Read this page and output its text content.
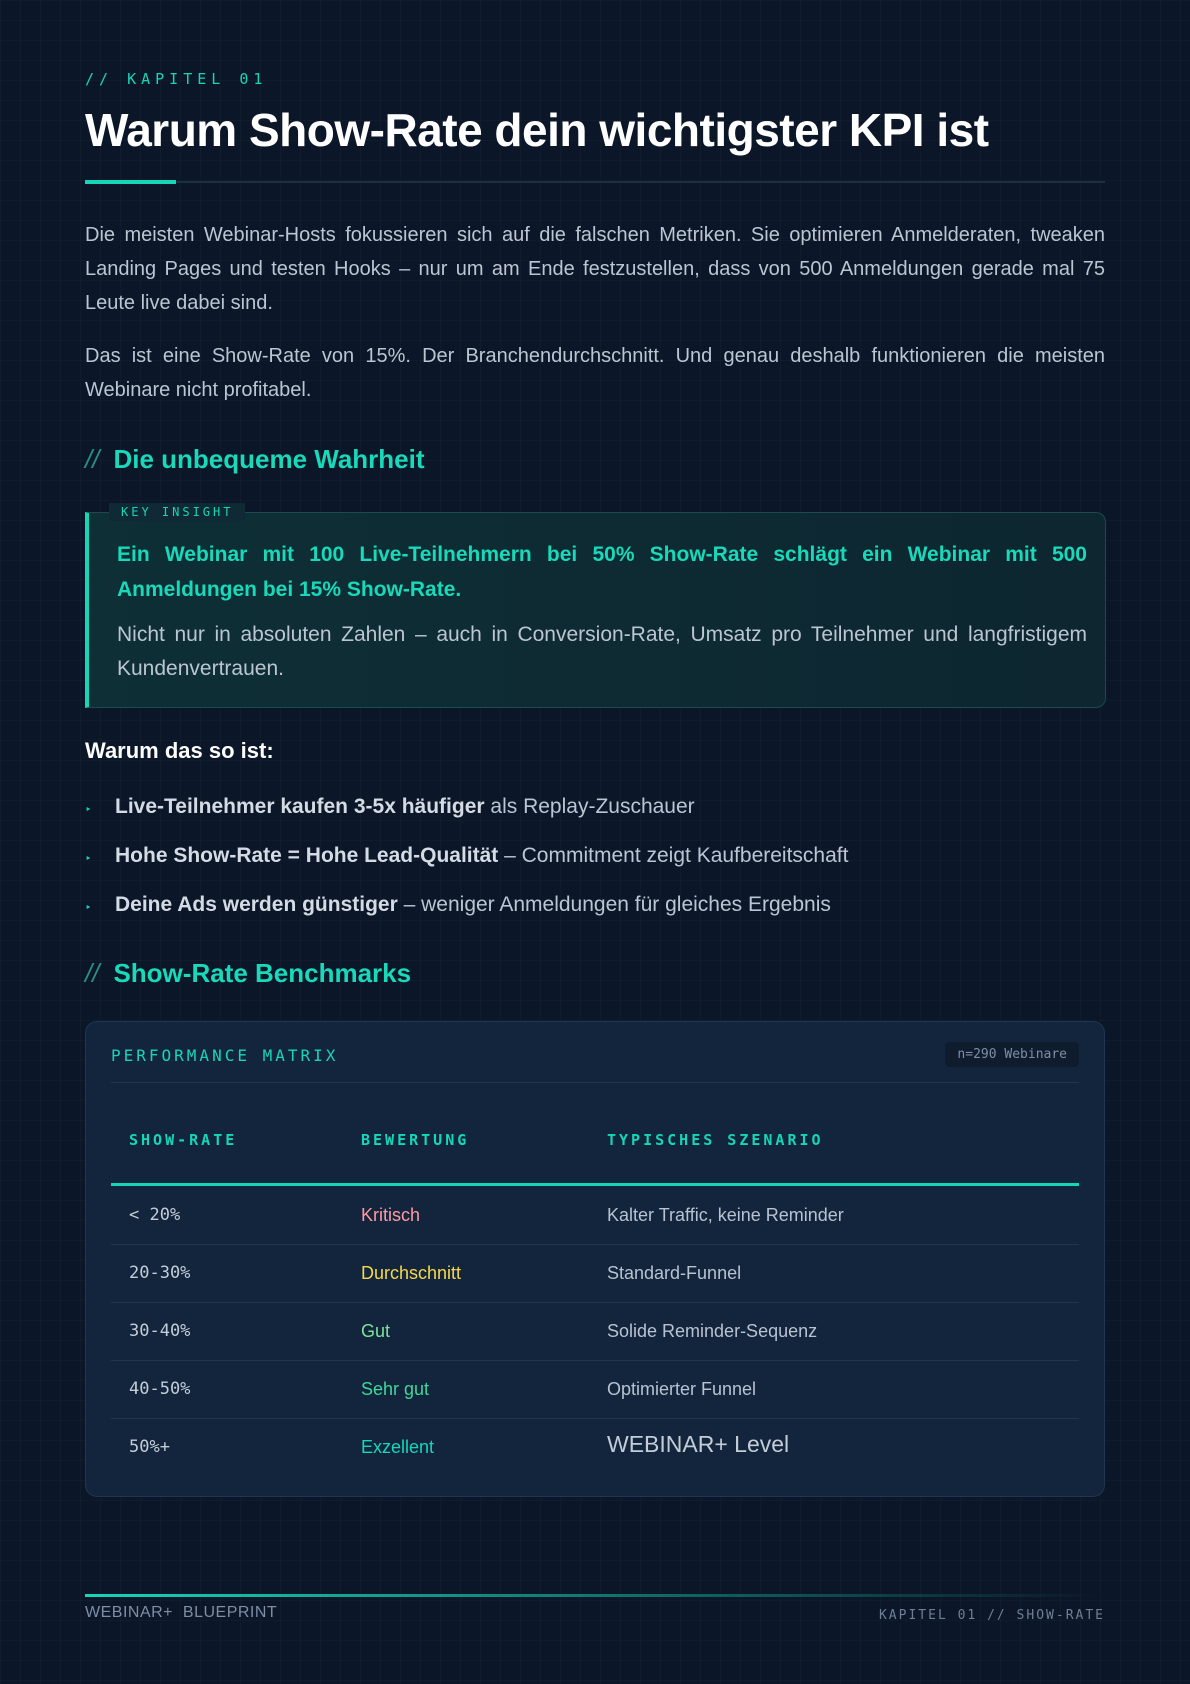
// KAPITEL 01
Warum Show-Rate dein wichtigster KPI ist

Die meisten Webinar-Hosts fokussieren sich auf die falschen Metriken. Sie optimieren Anmelderaten, tweaken Landing Pages und testen Hooks – nur um am Ende festzustellen, dass von 500 Anmeldungen gerade mal 75 Leute live dabei sind.

Das ist eine Show-Rate von 15%. Der Branchendurchschnitt. Und genau deshalb funktionieren die meisten Webinare nicht profitabel.

// Die unbequeme Wahrheit
KEY INSIGHT

Ein Webinar mit 100 Live-Teilnehmern bei 50% Show-Rate schlägt ein Webinar mit 500 Anmeldungen bei 15% Show-Rate.

Nicht nur in absoluten Zahlen – auch in Conversion-Rate, Umsatz pro Teilnehmer und langfristigem Kundenvertrauen.

Warum das so ist:
‣ Live-Teilnehmer kaufen 3-5x häufiger als Replay-Zuschauer
‣ Hohe Show-Rate = Hohe Lead-Qualität – Commitment zeigt Kaufbereitschaft
‣ Deine Ads werden günstiger – weniger Anmeldungen für gleiches Ergebnis
// Show-Rate Benchmarks
PERFORMANCE MATRIX	n=290 Webinare
SHOW-RATE	BEWERTUNG	TYPISCHES SZENARIO
< 20%	Kritisch	Kalter Traffic, keine Reminder
20-30%	Durchschnitt	Standard-Funnel
30-40%	Gut	Solide Reminder-Sequenz
40-50%	Sehr gut	Optimierter Funnel
50%+	Exzellent	WEBINAR+ Level
WEBINAR+  BLUEPRINT	KAPITEL 01 // SHOW-RATE
